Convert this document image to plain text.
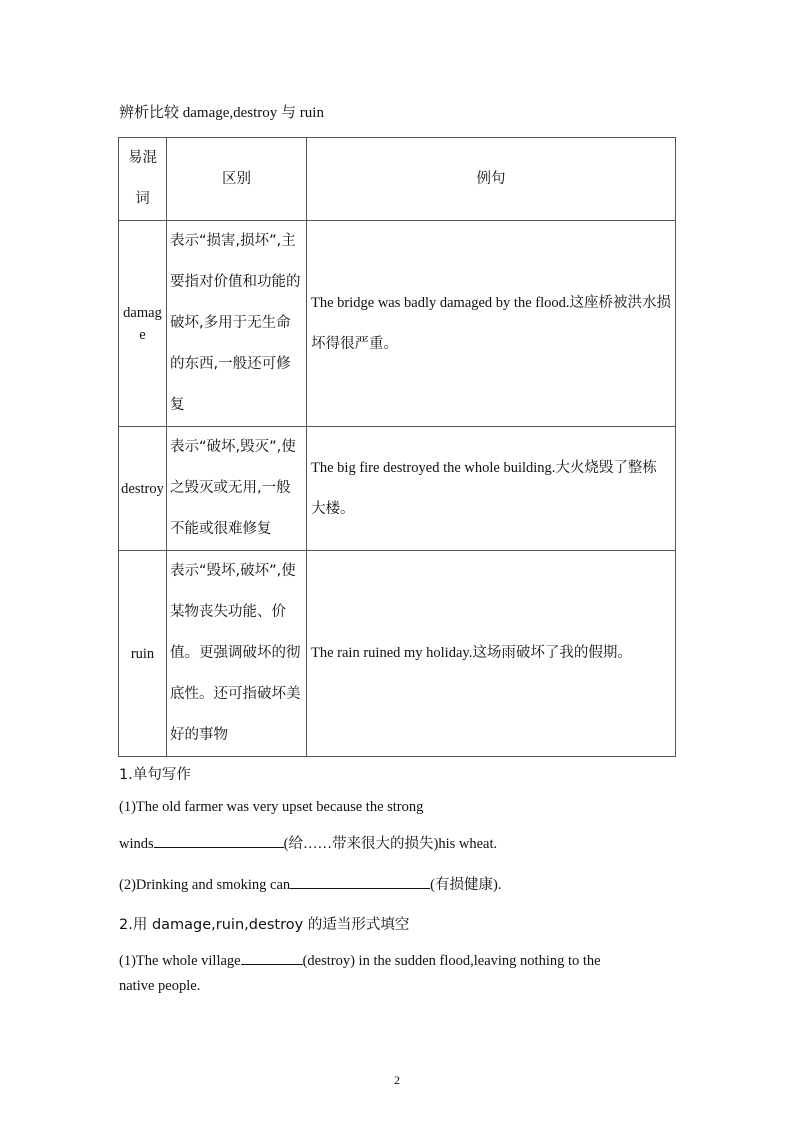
辨析比较 damage,destroy 与 ruin
易混词	区别	例句
damage	表示“损害,损坏”,主要指对价值和功能的破坏,多用于无生命的东西,一般还可修复	The bridge was badly damaged by the flood.这座桥被洪水损坏得很严重。
destroy	表示“破坏,毁灭”,使之毁灭或无用,一般不能或很难修复	The big fire destroyed the whole building.大火烧毁了整栋大楼。
ruin	表示“毁坏,破坏”,使某物丧失功能、价值。更强调破坏的彻底性。还可指破坏美好的事物	The rain ruined my holiday.这场雨破坏了我的假期。
1.单句写作
(1)The old farmer was very upset because the strong
winds	(给……带来很大的损失)his wheat.
(2)Drinking and smoking can	(有损健康).
2.用 damage,ruin,destroy 的适当形式填空
(1)The whole village	(destroy) in the sudden flood,leaving nothing to the
native people.
2
